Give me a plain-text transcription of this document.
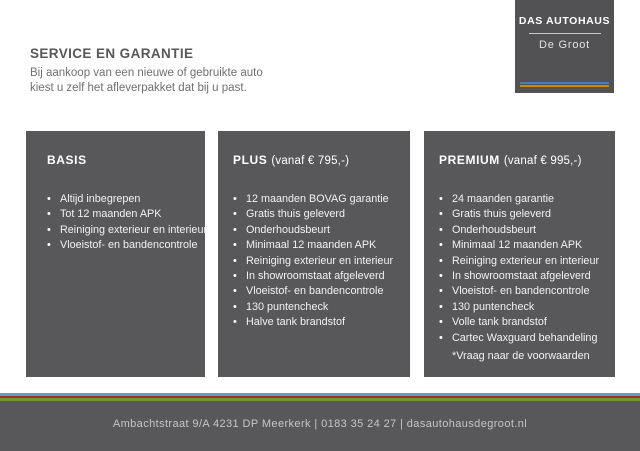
DAS AUTOHAUS
De Groot
SERVICE EN GARANTIE

Bij aankoop van een nieuwe of gebruikte auto

kiest u zelf het afleverpakket dat bij u past.

BASIS
• Altijd inbegrepen
• Tot 12 maanden APK
• Reiniging exterieur en interieur
• Vloeistof- en bandencontrole
PLUS (vanaf € 795,-)
• 12 maanden BOVAG garantie
• Gratis thuis geleverd
• Onderhoudsbeurt
• Minimaal 12 maanden APK
• Reiniging exterieur en interieur
• In showroomstaat afgeleverd
• Vloeistof- en bandencontrole
• 130 puntencheck
• Halve tank brandstof
PREMIUM (vanaf € 995,-)
• 24 maanden garantie
• Gratis thuis geleverd
• Onderhoudsbeurt
• Minimaal 12 maanden APK
• Reiniging exterieur en interieur
• In showroomstaat afgeleverd
• Vloeistof- en bandencontrole
• 130 puntencheck
• Volle tank brandstof
• Cartec Waxguard behandeling
*Vraag naar de voorwaarden
Ambachtstraat 9/A 4231 DP Meerkerk | 0183 35 24 27 | dasautohausdegroot.nl
